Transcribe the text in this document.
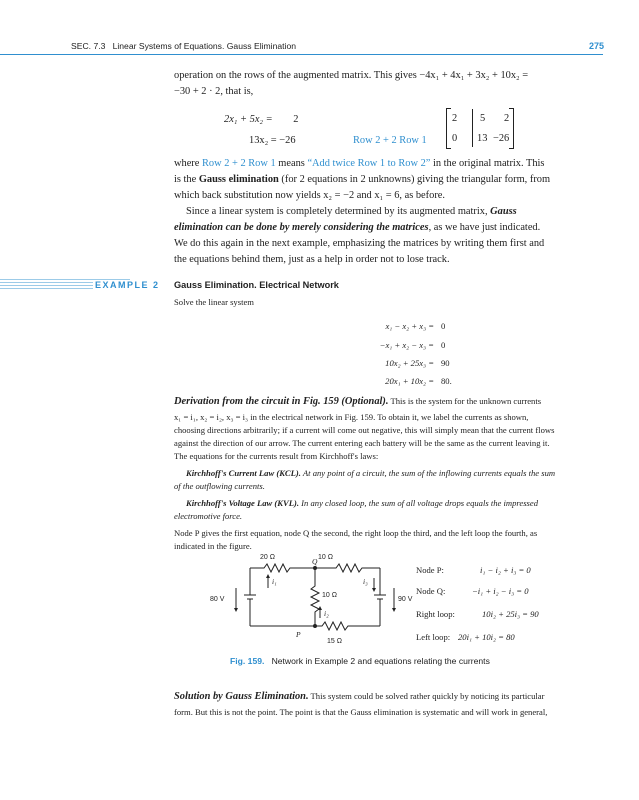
SEC. 7.3 Linear Systems of Equations. Gauss Elimination	275
operation on the rows of the augmented matrix. This gives −4x₁ + 4x₁ + 3x₂ + 10x₂ =
−30 + 2 · 2, that is,
2x₁ + 5x₂ = 2
13x₂ = −26	Row 2 + 2 Row 1
2 5 2
0 13 −26
where Row 2 + 2 Row 1 means “Add twice Row 1 to Row 2” in the original matrix. This
is the Gauss elimination (for 2 equations in 2 unknowns) giving the triangular form, from
which back substitution now yields x₂ = −2 and x₁ = 6, as before.
Since a linear system is completely determined by its augmented matrix, Gauss
elimination can be done by merely considering the matrices, as we have just indicated.
We do this again in the next example, emphasizing the matrices by writing them first and
the equations behind them, just as a help in order not to lose track.
EXAMPLE 2 Gauss Elimination. Electrical Network
Solve the linear system
x₁ − x₂ + x₃ = 0
−x₁ + x₂ − x₃ = 0
10x₂ + 25x₃ = 90
20x₁ + 10x₂ = 80.
Derivation from the circuit in Fig. 159 (Optional). This is the system for the unknown currents
x₁ = i₁, x₂ = i₂, x₃ = i₃ in the electrical network in Fig. 159. To obtain it, we label the currents as shown,
choosing directions arbitrarily; if a current will come out negative, this will simply mean that the current flows
against the direction of our arrow. The current entering each battery will be the same as the current leaving it.
The equations for the currents result from Kirchhoff's laws:
Kirchhoff's Current Law (KCL). At any point of a circuit, the sum of the inflowing currents equals the sum
of the outflowing currents.
Kirchhoff's Voltage Law (KVL). In any closed loop, the sum of all voltage drops equals the impressed
electromotive force.
Node P gives the first equation, node Q the second, the right loop the third, and the left loop the fourth, as
indicated in the figure.
20 Ω	10 Ω
10 Ω
15 Ω
80 V	90 V
Q
P
i₁
i₂
i₃
Node P:	i₁ − i₂ + i₃ = 0
Node Q:	−i₁ + i₂ − i₃ = 0
Right loop:	10i₂ + 25i₃ = 90
Left loop: 20i₁ + 10i₂ = 80
Fig. 159. Network in Example 2 and equations relating the currents
Solution by Gauss Elimination. This system could be solved rather quickly by noticing its particular
form. But this is not the point. The point is that the Gauss elimination is systematic and will work in general,
